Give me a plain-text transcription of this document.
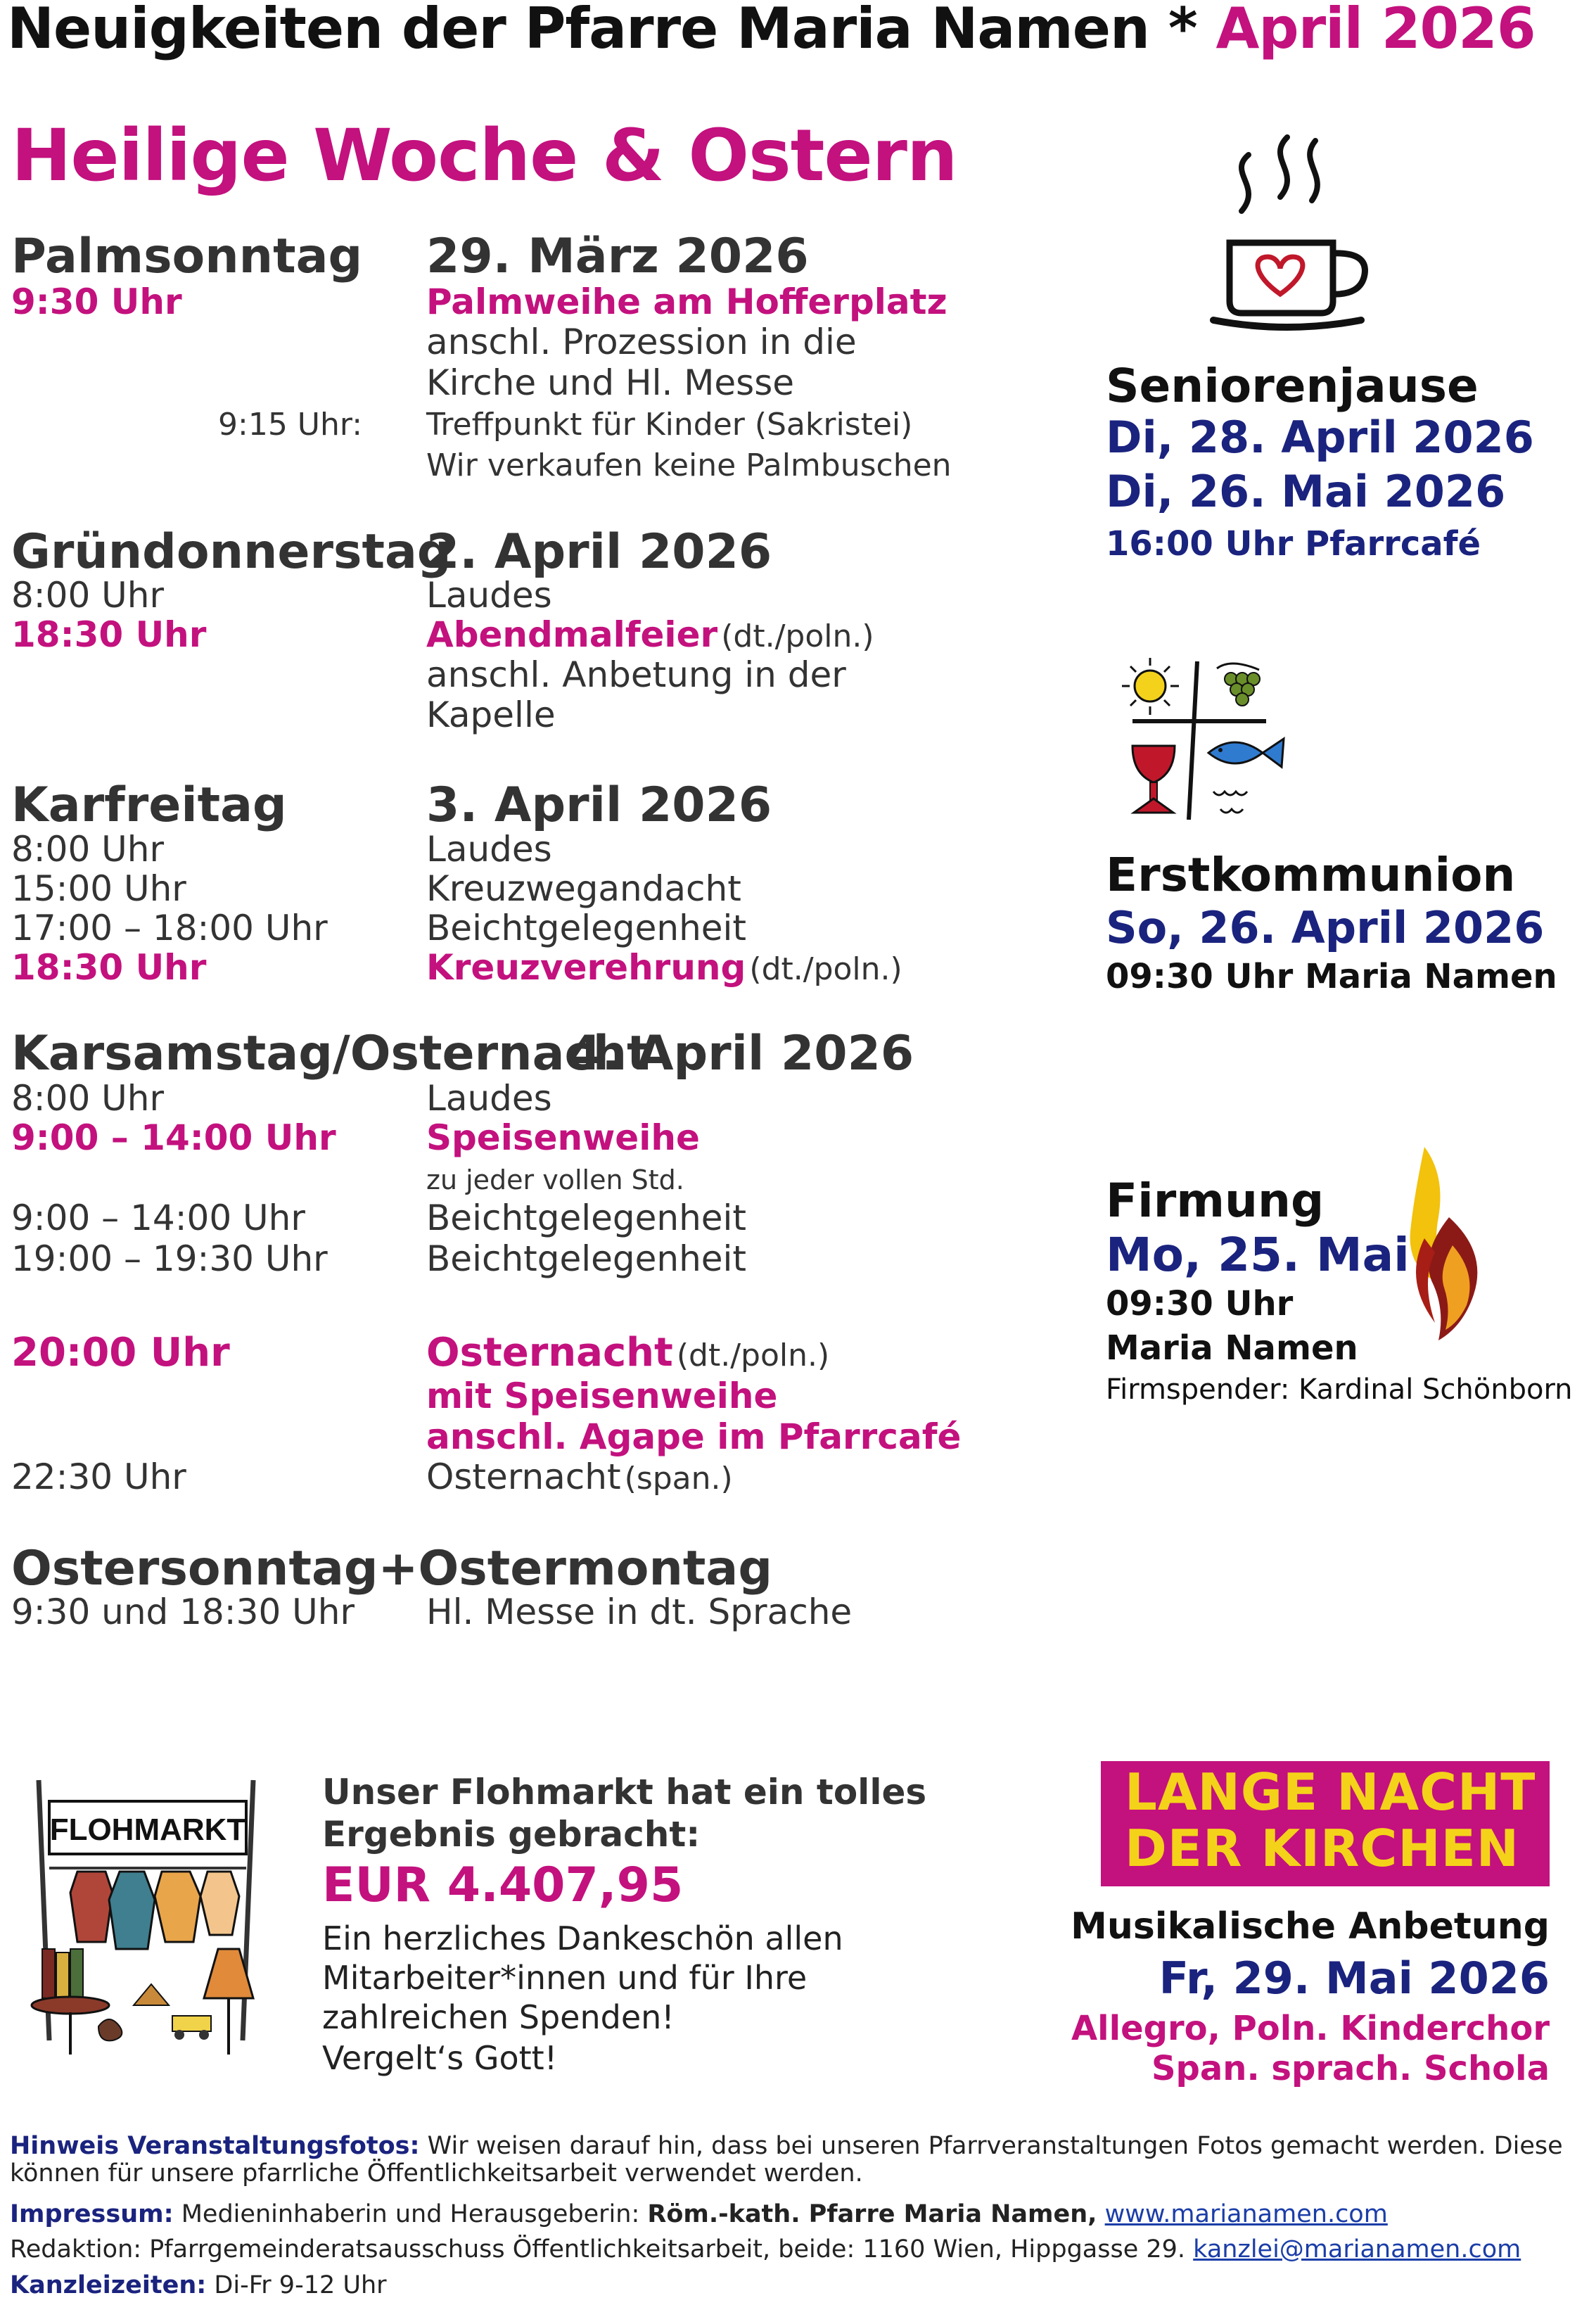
Neuigkeiten der Pfarre Maria Namen * April 2026
Heilige Woche & Ostern
Palmsonntag 29. März 2026
9:30 Uhr	Palmweihe am Hofferplatz
anschl. Prozession in die
Kirche und Hl. Messe
9:15 Uhr: Treffpunkt für Kinder (Sakristei)
Wir verkaufen keine Palmbuschen
Gründonnerstag
2. April 2026
8:00 Uhr	Laudes
18:30 Uhr	Abendmalfeier (dt./poln.)
anschl. Anbetung in der
Kapelle
Karfreitag	3. April 2026
8:00 Uhr	Laudes
15:00 Uhr	Kreuzwegandacht
17:00 – 18:00 Uhr	Beichtgelegenheit
18:30 Uhr	Kreuzverehrung (dt./poln.)
Karsamstag/Osternacht
4. April 2026
8:00 Uhr	Laudes
9:00 – 14:00 Uhr	Speisenweihe
zu jeder vollen Std.
9:00 – 14:00 Uhr	Beichtgelegenheit
19:00 – 19:30 Uhr	Beichtgelegenheit
20:00 Uhr	Osternacht (dt./poln.)
mit Speisenweihe
anschl. Agape im Pfarrcafé
22:30 Uhr	Osternacht (span.)
Ostersonntag+Ostermontag
9:30 und 18:30 Uhr Hl. Messe in dt. Sprache
Seniorenjause
Di, 28. April 2026
Di, 26. Mai 2026
16:00 Uhr Pfarrcafé
Erstkommunion
So, 26. April 2026
09:30 Uhr Maria Namen
Firmung
Mo, 25. Mai
09:30 Uhr
Maria Namen
Firmspender: Kardinal Schönborn
FLOHMARKT
Unser Flohmarkt hat ein tolles
Ergebnis gebracht:
EUR 4.407,95
Ein herzliches Dankeschön allen
Mitarbeiter*innen und für Ihre
zahlreichen Spenden!
Vergelt‘s Gott!
LANGE NACHT
DER KIRCHEN
Musikalische Anbetung
Fr, 29. Mai 2026
Allegro, Poln. Kinderchor
Span. sprach. Schola
Hinweis Veranstaltungsfotos: Wir weisen darauf hin, dass bei unseren Pfarrveranstaltungen Fotos gemacht werden. Diese
können für unsere pfarrliche Öffentlichkeitsarbeit verwendet werden.
Impressum: Medieninhaberin und Herausgeberin: Röm.-kath. Pfarre Maria Namen, www.marianamen.com
Redaktion: Pfarrgemeinderatsausschuss Öffentlichkeitsarbeit, beide: 1160 Wien, Hippgasse 29. kanzlei@marianamen.com
Kanzleizeiten: Di-Fr 9-12 Uhr
